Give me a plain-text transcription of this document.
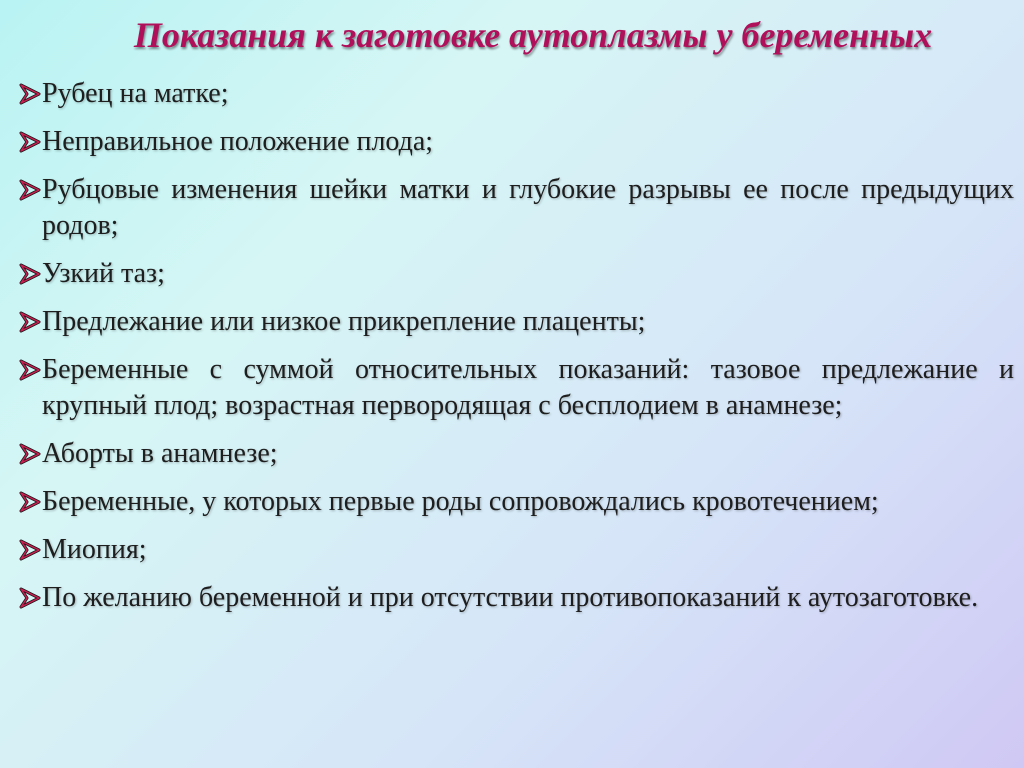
Показания к заготовке аутоплазмы у беременных
Рубец на матке;
Неправильное положение плода;
Рубцовые изменения шейки матки и глубокие разрывы ее после предыдущих родов;
Узкий таз;
Предлежание или низкое прикрепление плаценты;
Беременные с суммой относительных показаний: тазовое предлежание и крупный плод; возрастная первородящая с бесплодием в анамнезе;
Аборты в анамнезе;
Беременные, у которых первые роды сопровождались кровотечением;
Миопия;
По желанию беременной и при отсутствии противопоказаний к аутозаготовке.
